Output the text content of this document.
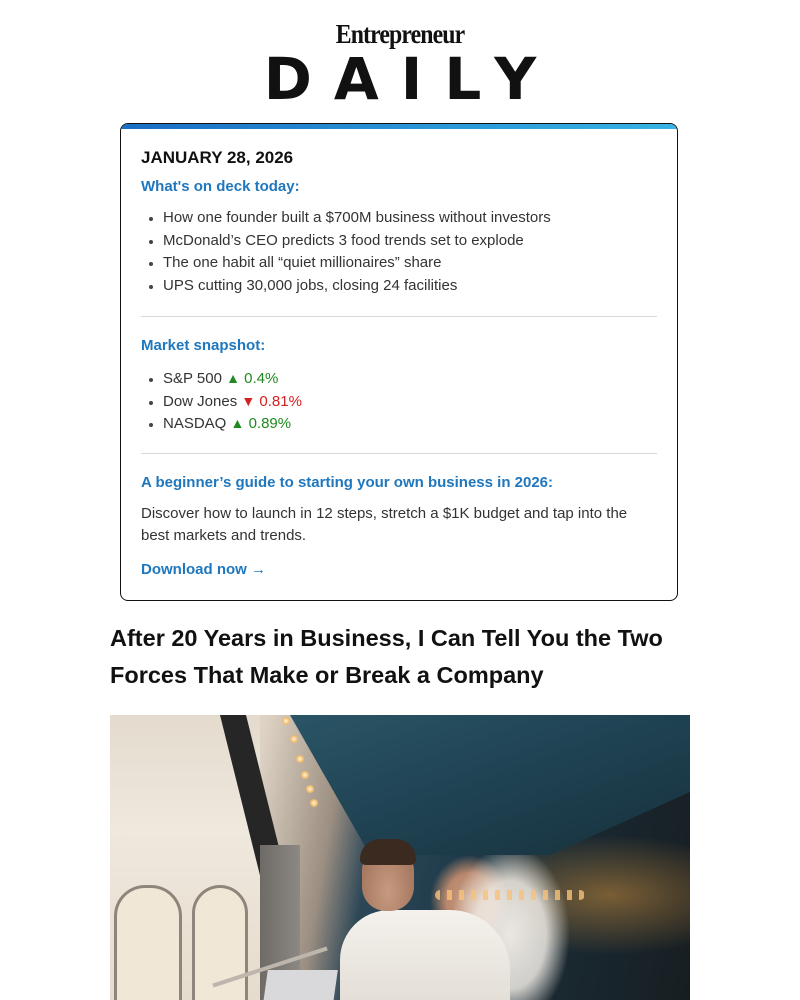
Entrepreneur
DAILY
JANUARY 28, 2026
What's on deck today:
• How one founder built a $700M business without investors
• McDonald’s CEO predicts 3 food trends set to explode
• The one habit all “quiet millionaires” share
• UPS cutting 30,000 jobs, closing 24 facilities
Market snapshot:
• S&P 500 ▲ 0.4%
• Dow Jones ▼ 0.81%
• NASDAQ ▲ 0.89%
A beginner’s guide to starting your own business in 2026:

Discover how to launch in 12 steps, stretch a $1K budget and tap into the best markets and trends.

Download now →
After 20 Years in Business, I Can Tell You the Two Forces That Make or Break a Company
